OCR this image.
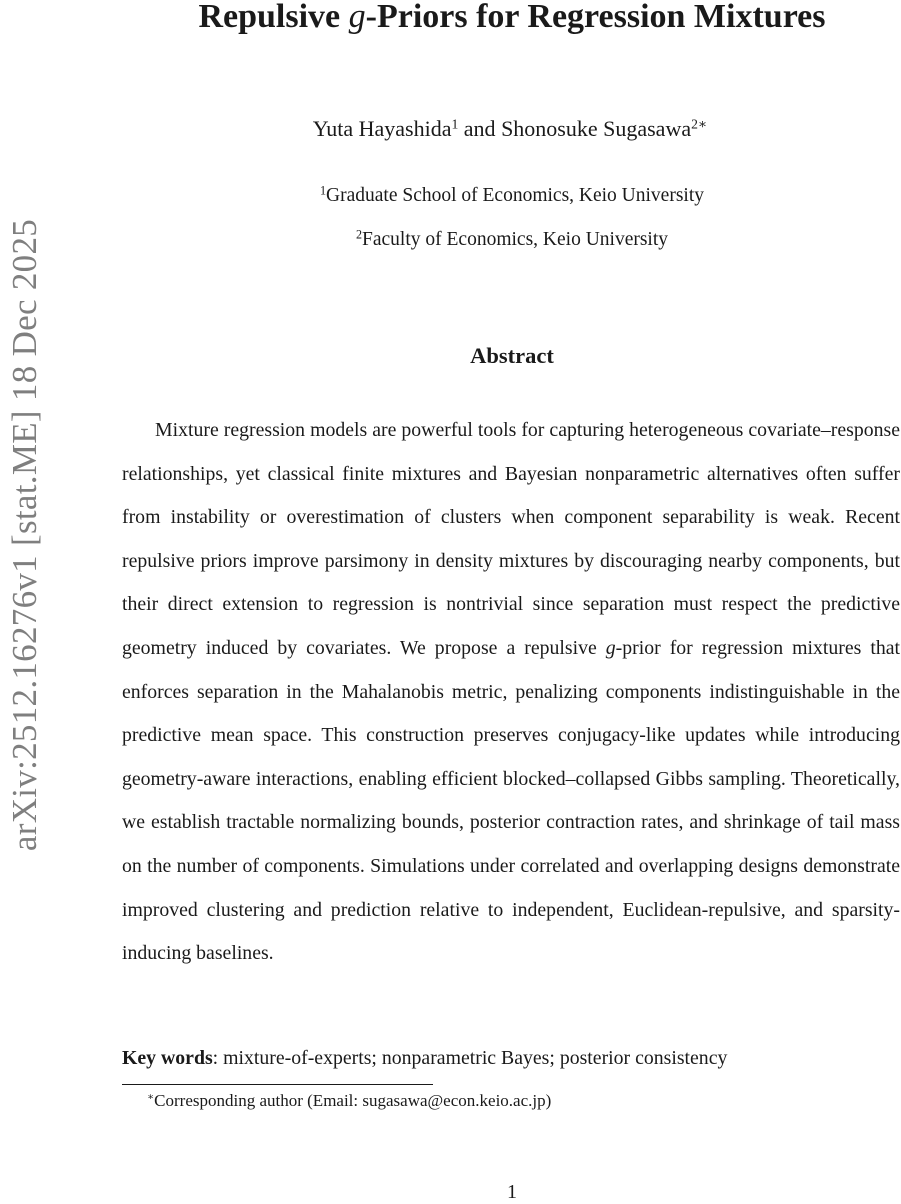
arXiv:2512.16276v1 [stat.ME] 18 Dec 2025
Repulsive g-Priors for Regression Mixtures
Yuta Hayashida$^1$ and Shonosuke Sugasawa$^{2∗}$
$^1$Graduate School of Economics, Keio University
$^2$Faculty of Economics, Keio University
Abstract

Mixture regression models are powerful tools for capturing heterogeneous covariate–response relationships, yet classical finite mixtures and Bayesian nonparametric alternatives often suffer from instability or overestimation of clusters when component separability is weak. Recent repulsive priors improve parsimony in density mixtures by discouraging nearby components, but their direct extension to regression is nontrivial since separation must respect the predictive geometry induced by covariates. We propose a repulsive g-prior for regression mixtures that enforces separation in the Mahalanobis metric, penalizing components indistinguishable in the predictive mean space. This construction preserves conjugacy-like updates while introducing geometry-aware interactions, enabling efficient blocked–collapsed Gibbs sampling. Theoretically, we establish tractable normalizing bounds, posterior contraction rates, and shrinkage of tail mass on the number of components. Simulations under correlated and overlapping designs demonstrate improved clustering and prediction relative to independent, Euclidean-repulsive, and sparsity-inducing baselines.

Key words: mixture-of-experts; nonparametric Bayes; posterior consistency
∗Corresponding author (Email: sugasawa@econ.keio.ac.jp)
1
